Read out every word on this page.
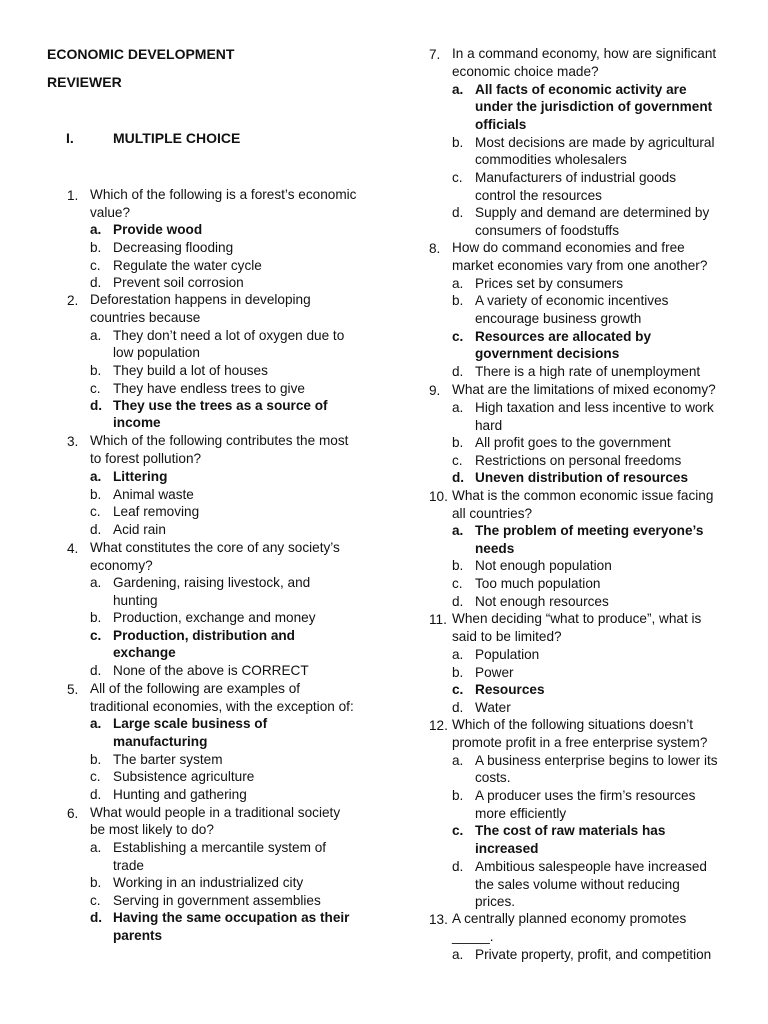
ECONOMIC DEVELOPMENT
REVIEWER
I.	MULTIPLE CHOICE
1. Which of the following is a forest’s economic
value?
a. Provide wood
b. Decreasing flooding
c. Regulate the water cycle
d. Prevent soil corrosion
2. Deforestation happens in developing
countries because
a. They don’t need a lot of oxygen due to
low population
b. They build a lot of houses
c. They have endless trees to give
d. They use the trees as a source of
income
3. Which of the following contributes the most
to forest pollution?
a. Littering
b. Animal waste
c. Leaf removing
d. Acid rain
4. What constitutes the core of any society’s
economy?
a. Gardening, raising livestock, and
hunting
b. Production, exchange and money
c. Production, distribution and
exchange
d. None of the above is CORRECT
5. All of the following are examples of
traditional economies, with the exception of:
a. Large scale business of
manufacturing
b. The barter system
c. Subsistence agriculture
d. Hunting and gathering
6. What would people in a traditional society
be most likely to do?
a. Establishing a mercantile system of
trade
b. Working in an industrialized city
c. Serving in government assemblies
d. Having the same occupation as their
parents
7. In a command economy, how are significant
economic choice made?
a. All facts of economic activity are
under the jurisdiction of government
officials
b. Most decisions are made by agricultural
commodities wholesalers
c. Manufacturers of industrial goods
control the resources
d. Supply and demand are determined by
consumers of foodstuffs
8. How do command economies and free
market economies vary from one another?
a. Prices set by consumers
b. A variety of economic incentives
encourage business growth
c. Resources are allocated by
government decisions
d. There is a high rate of unemployment
9. What are the limitations of mixed economy?
a. High taxation and less incentive to work
hard
b. All profit goes to the government
c. Restrictions on personal freedoms
d. Uneven distribution of resources
10. What is the common economic issue facing
all countries?
a. The problem of meeting everyone’s
needs
b. Not enough population
c. Too much population
d. Not enough resources
11. When deciding “what to produce”, what is
said to be limited?
a. Population
b. Power
c. Resources
d. Water
12. Which of the following situations doesn’t
promote profit in a free enterprise system?
a. A business enterprise begins to lower its
costs.
b. A producer uses the firm’s resources
more efficiently
c. The cost of raw materials has
increased
d. Ambitious salespeople have increased
the sales volume without reducing
prices.
13. A centrally planned economy promotes
_____.
a. Private property, profit, and competition
